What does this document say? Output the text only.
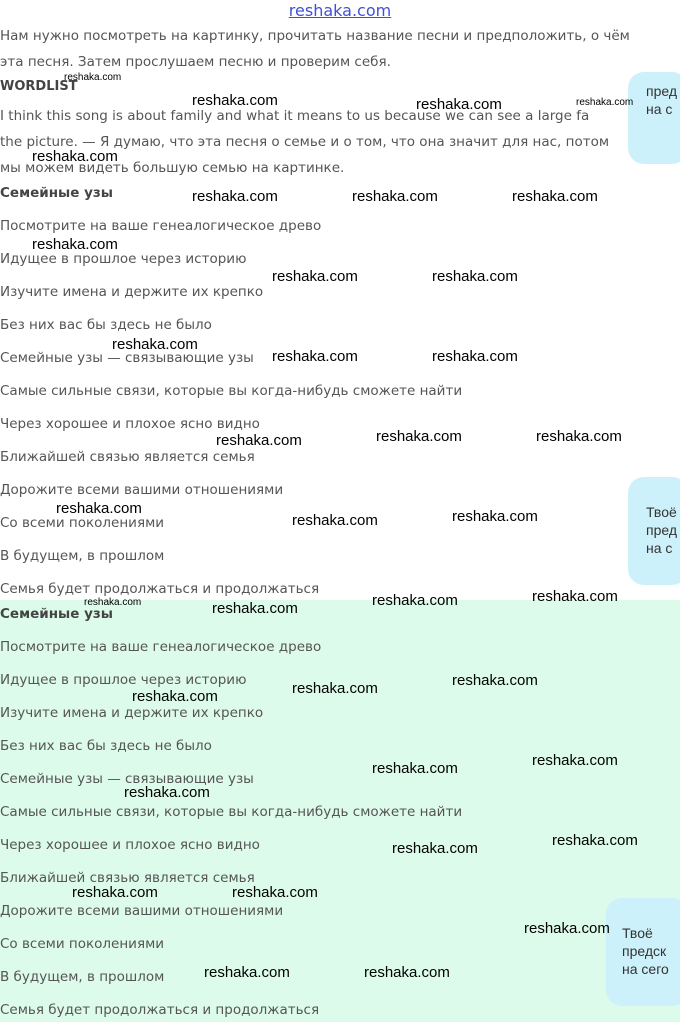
reshaka.com
Нам нужно посмотреть на картинку, прочитать название песни и предположить, о чём
эта песня. Затем прослушаем песню и проверим себя.
WORDLIST
I think this song is about family and what it means to us because we can see a large fa
the picture. — Я думаю, что эта песня о семье и о том, что она значит для нас, потом
мы можем видеть большую семью на картинке.
Семейные узы
Посмотрите на ваше генеалогическое древо
Идущее в прошлое через историю
Изучите имена и держите их крепко
Без них вас бы здесь не было
Семейные узы — связывающие узы
Самые сильные связи, которые вы когда-нибудь сможете найти
Через хорошее и плохое ясно видно
Ближайшей связью является семья
Дорожите всеми вашими отношениями
Со всеми поколениями
В будущем, в прошлом
Семья будет продолжаться и продолжаться
Семейные узы
Посмотрите на ваше генеалогическое древо
Идущее в прошлое через историю
Изучите имена и держите их крепко
Без них вас бы здесь не было
Семейные узы — связывающие узы
Самые сильные связи, которые вы когда-нибудь сможете найти
Через хорошее и плохое ясно видно
Ближайшей связью является семья
Дорожите всеми вашими отношениями
Со всеми поколениями
В будущем, в прошлом
Семья будет продолжаться и продолжаться
пред
на с
Твоё
пред
на с
Твоё
предск
на сего
reshaka.com
reshaka.com	reshaka.com	reshaka.com
reshaka.com
reshaka.com	reshaka.com	reshaka.com
reshaka.com
reshaka.com	reshaka.com
reshaka.com
reshaka.com	reshaka.com
reshaka.com	reshaka.com	reshaka.com
reshaka.com
reshaka.com	reshaka.com
reshaka.com	reshaka.com	reshaka.com	reshaka.com
reshaka.com	reshaka.com
reshaka.com
reshaka.com	reshaka.com
reshaka.com
reshaka.com	reshaka.com
reshaka.com	reshaka.com
reshaka.com
reshaka.com	reshaka.com
